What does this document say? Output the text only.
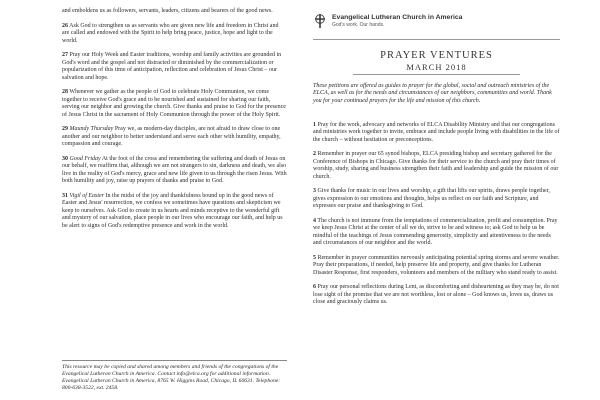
and emboldens us as followers, servants, leaders, citizens and bearers of the good news.

26 Ask God to strengthen us as servants who are given new life and freedom in Christ and are called and endowed with the Spirit to help bring peace, justice, hope and light to the world.

27 Pray our Holy Week and Easter traditions, worship and family activities are grounded in God's word and the gospel and not distracted or diminished by the commercialization or popularization of this time of anticipation, reflection and celebration of Jesus Christ – our salvation and hope.

28 Whenever we gather as the people of God to celebrate Holy Communion, we come together to receive God's grace and to be nourished and sustained for sharing our faith, serving our neighbor and growing the church. Give thanks and praise to God for the presence of Jesus Christ in the sacrament of Holy Communion through the power of the Holy Spirit.

29 Maundy Thursday Pray we, as modern-day disciples, are not afraid to draw close to one another and our neighbor to better understand and serve each other with humility, empathy, compassion and courage.

30 Good Friday At the foot of the cross and remembering the suffering and death of Jesus on our behalf, we reaffirm that, although we are not strangers to sin, darkness and death, we also live in the reality of God's mercy, grace and new life given to us through the risen Jesus. With both humility and joy, raise up prayers of thanks and praise to God.

31 Vigil of Easter In the midst of the joy and thankfulness bound up in the good news of Easter and Jesus' resurrection, we confess we sometimes have questions and skepticism we keep to ourselves. Ask God to create in us hearts and minds receptive to the wonderful gift and mystery of our salvation, place people in our lives who encourage our faith, and help us be alert to signs of God's redemptive presence and work in the world.

This resource may be copied and shared among members and friends of the congregations of the Evangelical Lutheran Church in America. Contact info@elca.org for additional information. Evangelical Lutheran Church in America, 8765 W. Higgins Road, Chicago, IL 60631. Telephone: 800-638-3522, ext. 2458.
Evangelical Lutheran Church in America
God's work. Our hands.
PRAYER VENTURES
MARCH 2018
These petitions are offered as guides to prayer for the global, social and outreach ministries of the ELCA, as well as for the needs and circumstances of our neighbors, communities and world. Thank you for your continued prayers for the life and mission of this church.

1 Pray for the work, advocacy and networks of ELCA Disability Ministry and that our congregations and ministries work together to invite, embrace and include people living with disabilities in the life of the church – without hesitation or preconceptions.

2 Remember in prayer our 65 synod bishops, ELCA presiding bishop and secretary gathered for the Conference of Bishops in Chicago. Give thanks for their service to the church and pray their times of worship, study, sharing and business strengthen their faith and leadership and guide the mission of our church.

3 Give thanks for music in our lives and worship, a gift that lifts our spirits, draws people together, gives expression to our emotions and thoughts, helps us reflect on our faith and Scripture, and expresses our praise and thanksgiving to God.

4 The church is not immune from the temptations of commercialization, profit and consumption. Pray we keep Jesus Christ at the center of all we do, strive to be and witness to; ask God to help us be mindful of the teachings of Jesus commending generosity, simplicity and attentiveness to the needs and circumstances of our neighbor and the world.

5 Remember in prayer communities nervously anticipating potential spring storms and severe weather. Pray their preparations, if needed, help preserve life and property, and give thanks for Lutheran Disaster Response, first responders, volunteers and members of the military who stand ready to assist.

6 Pray our personal reflections during Lent, as discomforting and disheartening as they may be, do not lose sight of the promise that we are not worthless, lost or alone – God knows us, loves us, draws us close and graciously claims us.
